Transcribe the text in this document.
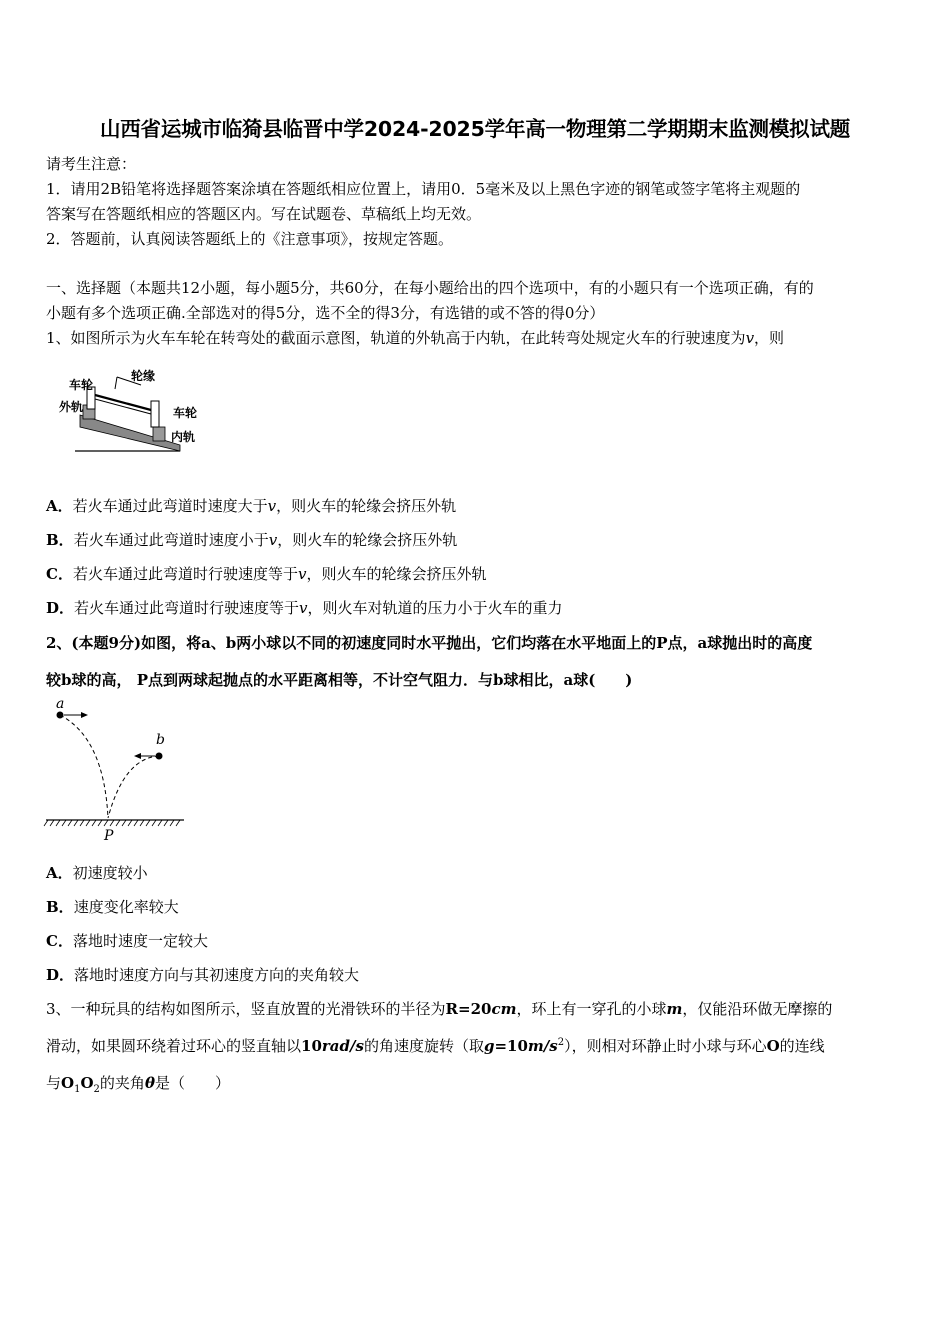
山西省运城市临猗县临晋中学2024-2025学年高一物理第二学期期末监测模拟试题
请考生注意：
1．请用2B铅笔将选择题答案涂填在答题纸相应位置上，请用0．5毫米及以上黑色字迹的钢笔或签字笔将主观题的
答案写在答题纸相应的答题区内。写在试题卷、草稿纸上均无效。
2．答题前，认真阅读答题纸上的《注意事项》，按规定答题。
一、选择题（本题共12小题，每小题5分，共60分，在每小题给出的四个选项中，有的小题只有一个选项正确，有的
小题有多个选项正确.全部选对的得5分，选不全的得3分，有选错的或不答的得0分）
1、如图所示为火车车轮在转弯处的截面示意图，轨道的外轨高于内轨，在此转弯处规定火车的行驶速度为v，则
车轮
外轨
轮缘
车轮
内轨
A．若火车通过此弯道时速度大于v，则火车的轮缘会挤压外轨
B．若火车通过此弯道时速度小于v，则火车的轮缘会挤压外轨
C．若火车通过此弯道时行驶速度等于v，则火车的轮缘会挤压外轨
D．若火车通过此弯道时行驶速度等于v，则火车对轨道的压力小于火车的重力
2、(本题9分)如图，将a、b两小球以不同的初速度同时水平抛出，它们均落在水平地面上的P点，a球抛出时的高度
较b球的高， P点到两球起抛点的水平距离相等，不计空气阻力．与b球相比，a球(　　)
a
b
P
A．初速度较小
B．速度变化率较大
C．落地时速度一定较大
D．落地时速度方向与其初速度方向的夹角较大
3、一种玩具的结构如图所示，竖直放置的光滑铁环的半径为R=20cm，环上有一穿孔的小球m，仅能沿环做无摩擦的
滑动，如果圆环绕着过环心的竖直轴以10rad/s的角速度旋转（取$g=10m/s^2$），则相对环静止时小球与环心O的连线
与$O_1O_2$的夹角θ是（　　）
